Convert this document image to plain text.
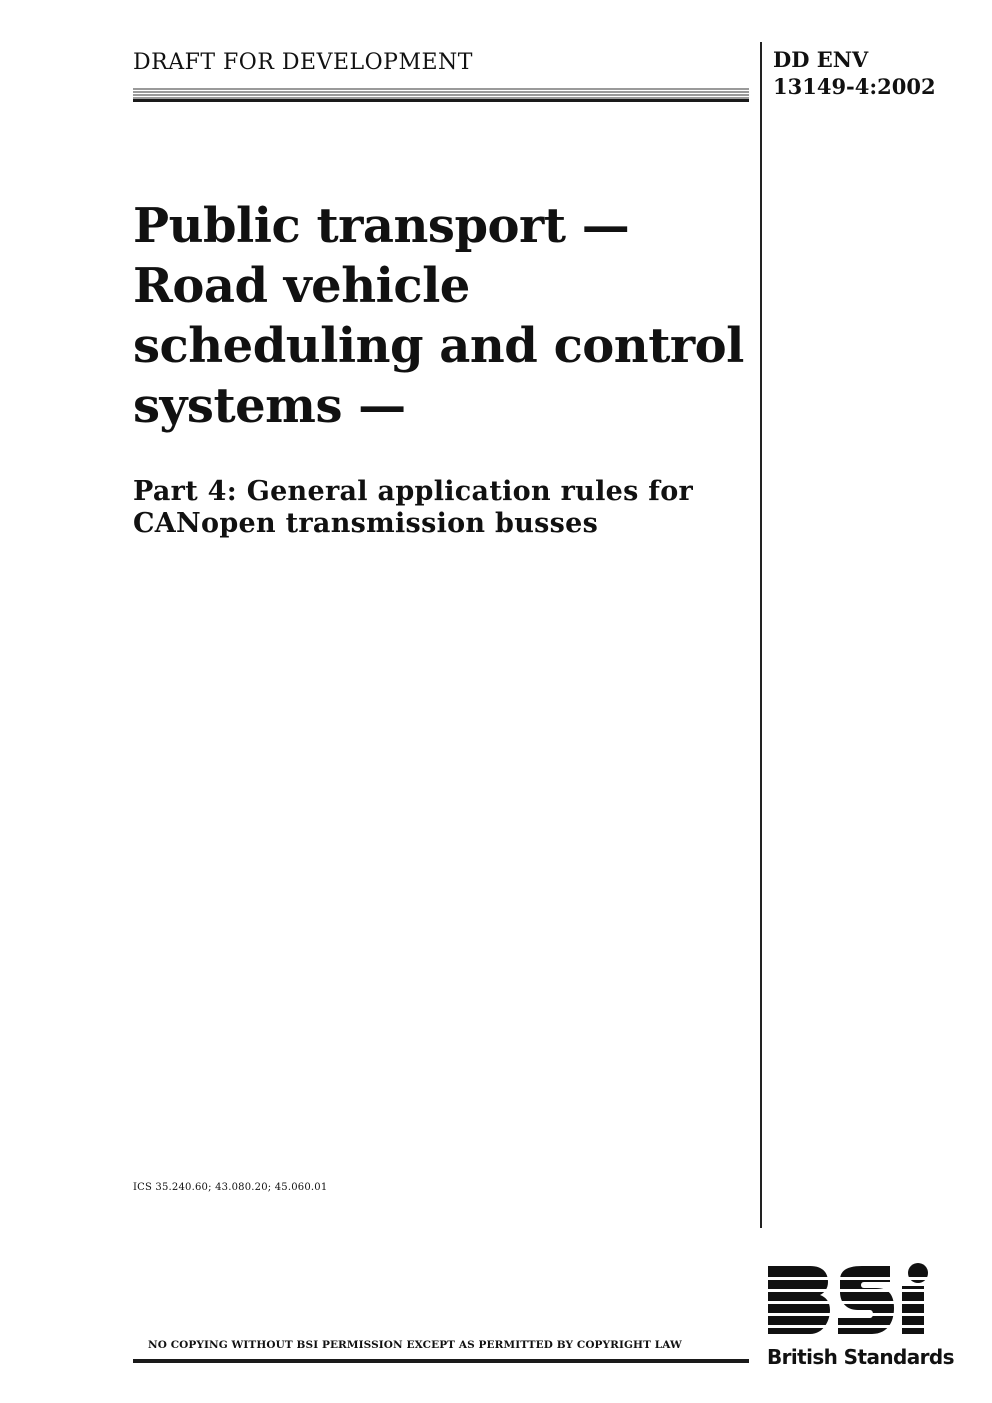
DRAFT FOR DEVELOPMENT	DD ENV
13149-4:2002
Public transport —
Road vehicle
scheduling and control
systems —
Part 4: General application rules for
CANopen transmission busses
ICS 35.240.60; 43.080.20; 45.060.01
NO COPYING WITHOUT BSI PERMISSION EXCEPT AS PERMITTED BY COPYRIGHT LAW	British Standards
